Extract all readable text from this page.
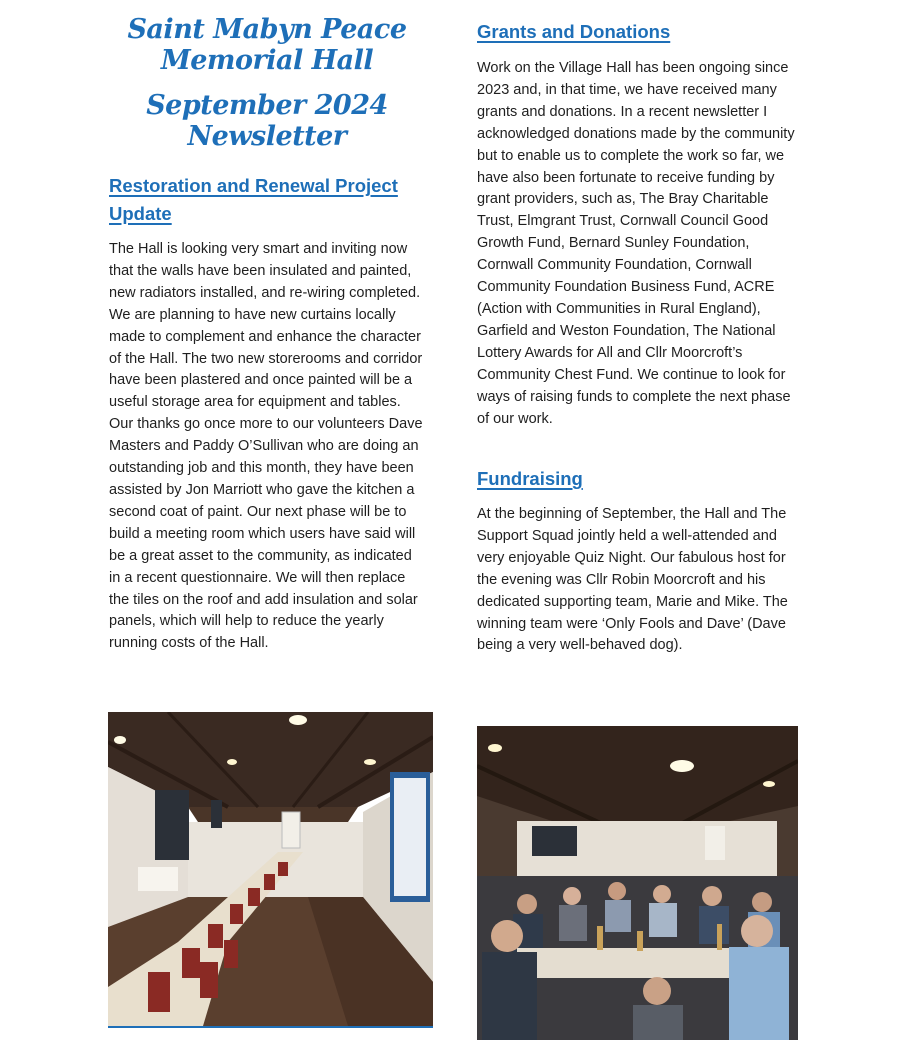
Saint Mabyn Peace
Memorial Hall
September 2024
Newsletter
Restoration and Renewal Project Update

The Hall is looking very smart and inviting now that the walls have been insulated and painted, new radiators installed, and re-wiring completed. We are planning to have new curtains locally made to complement and enhance the character of the Hall. The two new storerooms and corridor have been plastered and once painted will be a useful storage area for equipment and tables. Our thanks go once more to our volunteers Dave Masters and Paddy O’Sullivan who are doing an outstanding job and this month, they have been assisted by Jon Marriott who gave the kitchen a second coat of paint. Our next phase will be to build a meeting room which users have said will be a great asset to the community, as indicated in a recent questionnaire. We will then replace the tiles on the roof and add insulation and solar panels, which will help to reduce the yearly running costs of the Hall.

Grants and Donations

Work on the Village Hall has been ongoing since 2023 and, in that time, we have received many grants and donations. In a recent newsletter I acknowledged donations made by the community but to enable us to complete the work so far, we have also been fortunate to receive funding by grant providers, such as, The Bray Charitable Trust, Elmgrant Trust, Cornwall Council Good Growth Fund, Bernard Sunley Foundation, Cornwall Community Foundation, Cornwall Community Foundation Business Fund, ACRE (Action with Communities in Rural England), Garfield and Weston Foundation, The National Lottery Awards for All and Cllr Moorcroft’s Community Chest Fund. We continue to look for ways of raising funds to complete the next phase of our work.

Fundraising

At the beginning of September, the Hall and The Support Squad jointly held a well-attended and very enjoyable Quiz Night. Our fabulous host for the evening was Cllr Robin Moorcroft and his dedicated supporting team, Marie and Mike. The winning team were ‘Only Fools and Dave’ (Dave being a very well-behaved dog).
